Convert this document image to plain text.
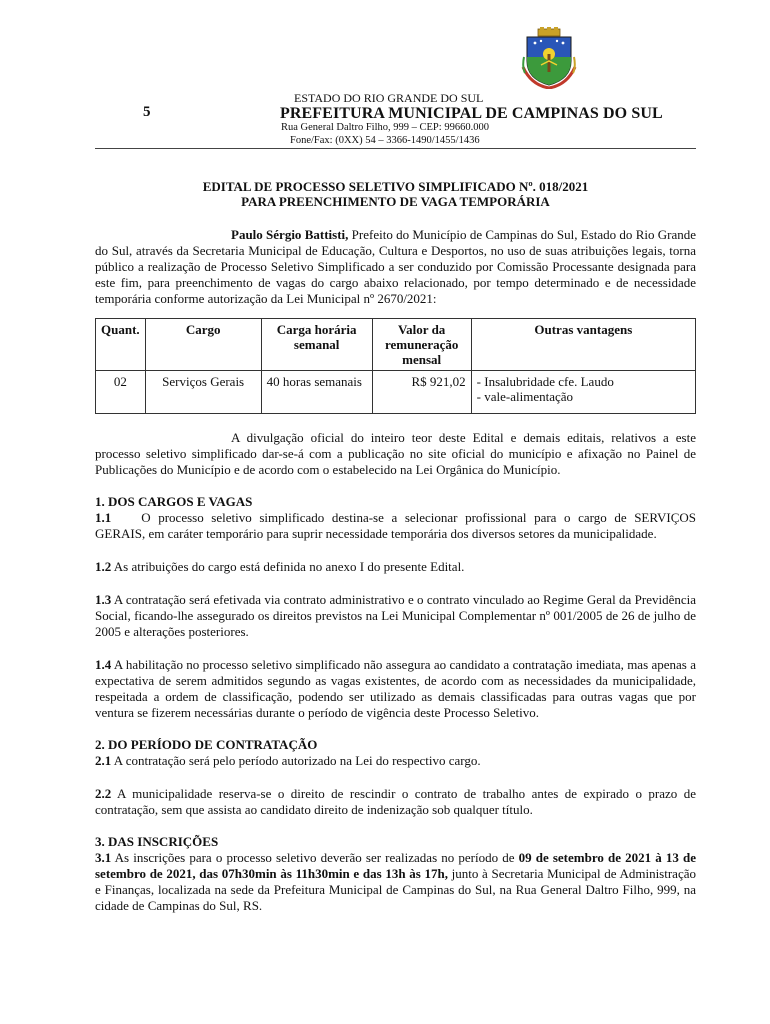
5
ESTADO DO RIO GRANDE DO SUL
PREFEITURA MUNICIPAL DE CAMPINAS DO SUL
Rua General Daltro Filho, 999 – CEP: 99660.000
Fone/Fax: (0XX) 54 – 3366-1490/1455/1436
EDITAL DE PROCESSO SELETIVO SIMPLIFICADO Nº. 018/2021
PARA PREENCHIMENTO DE VAGA TEMPORÁRIA

Paulo Sérgio Battisti, Prefeito do Município de Campinas do Sul, Estado do Rio Grande do Sul, através da Secretaria Municipal de Educação, Cultura e Desportos, no uso de suas atribuições legais, torna público a realização de Processo Seletivo Simplificado a ser conduzido por Comissão Processante designada para este fim, para preenchimento de vagas do cargo abaixo relacionado, por tempo determinado e de necessidade temporária conforme autorização da Lei Municipal nº 2670/2021:

Quant.	Cargo	Carga horária semanal	Valor da remuneração mensal	Outras vantagens
02	Serviços Gerais	40 horas semanais	R$ 921,02	- Insalubridade cfe. Laudo
- vale-alimentação

A divulgação oficial do inteiro teor deste Edital e demais editais, relativos a este processo seletivo simplificado dar-se-á com a publicação no site oficial do município e afixação no Painel de Publicações do Município e de acordo com o estabelecido na Lei Orgânica do Município.

1. DOS CARGOS E VAGAS

1.1 O processo seletivo simplificado destina-se a selecionar profissional para o cargo de SERVIÇOS GERAIS, em caráter temporário para suprir necessidade temporária dos diversos setores da municipalidade.

1.2 As atribuições do cargo está definida no anexo I do presente Edital.

1.3 A contratação será efetivada via contrato administrativo e o contrato vinculado ao Regime Geral da Previdência Social, ficando-lhe assegurado os direitos previstos na Lei Municipal Complementar nº 001/2005 de 26 de julho de 2005 e alterações posteriores.

1.4 A habilitação no processo seletivo simplificado não assegura ao candidato a contratação imediata, mas apenas a expectativa de serem admitidos segundo as vagas existentes, de acordo com as necessidades da municipalidade, respeitada a ordem de classificação, podendo ser utilizado as demais classificadas para outras vagas que por ventura se fizerem necessárias durante o período de vigência deste Processo Seletivo.

2. DO PERÍODO DE CONTRATAÇÃO

2.1 A contratação será pelo período autorizado na Lei do respectivo cargo.

2.2 A municipalidade reserva-se o direito de rescindir o contrato de trabalho antes de expirado o prazo de contratação, sem que assista ao candidato direito de indenização sob qualquer título.

3. DAS INSCRIÇÕES

3.1 As inscrições para o processo seletivo deverão ser realizadas no período de 09 de setembro de 2021 à 13 de setembro de 2021, das 07h30min às 11h30min e das 13h às 17h, junto à Secretaria Municipal de Administração e Finanças, localizada na sede da Prefeitura Municipal de Campinas do Sul, na Rua General Daltro Filho, 999, na cidade de Campinas do Sul, RS.
